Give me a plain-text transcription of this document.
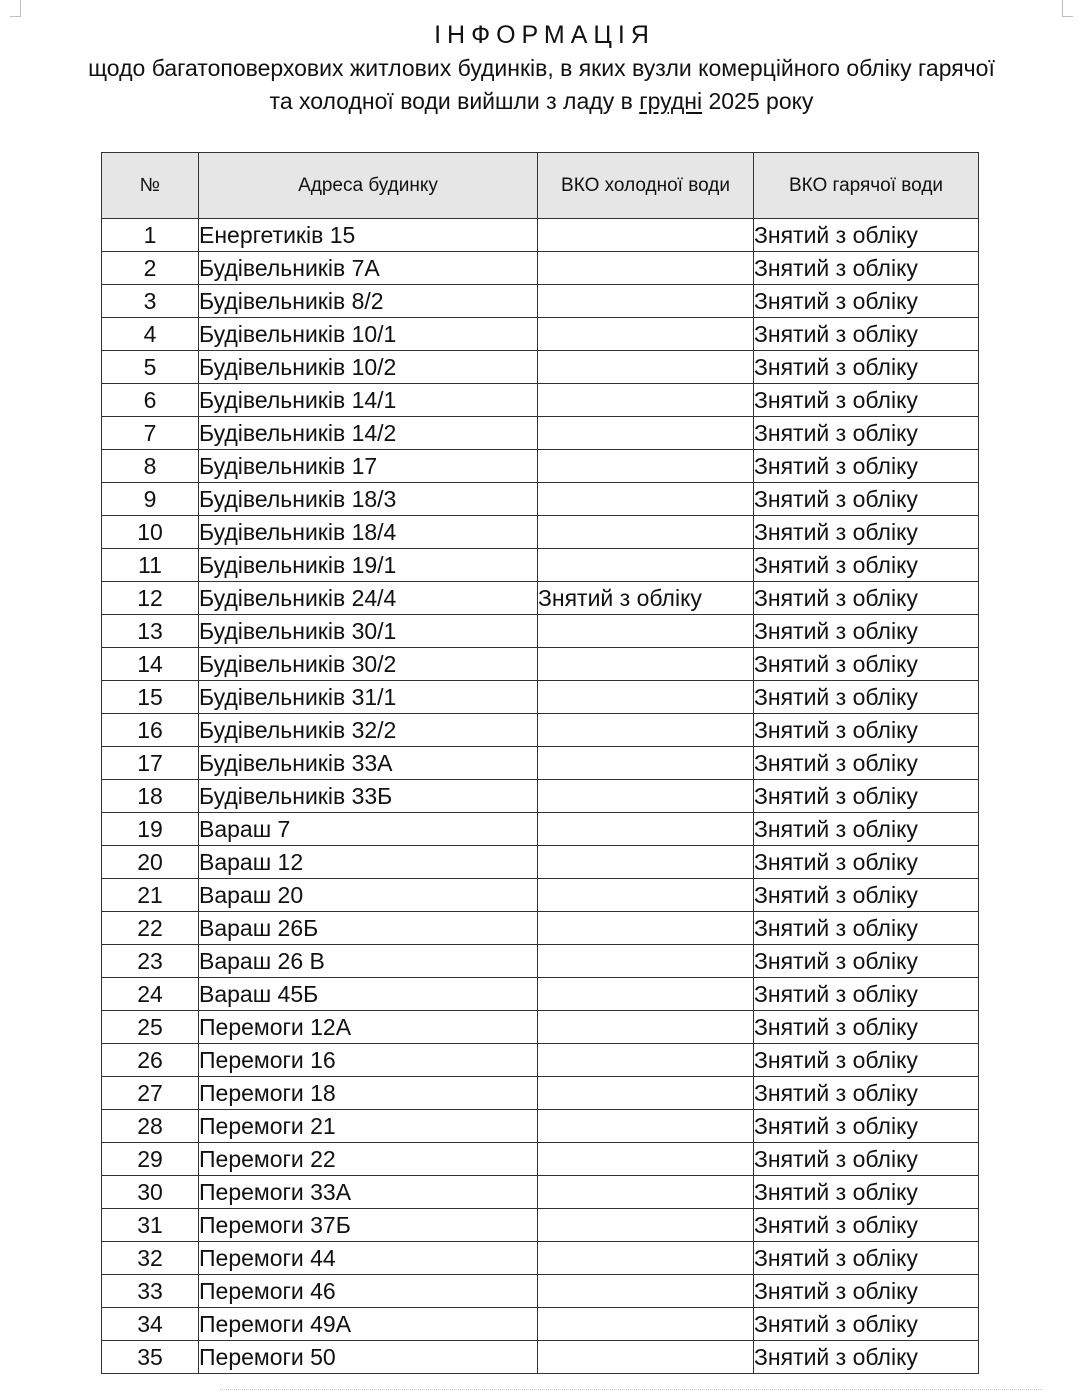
ІНФОРМАЦІЯ
щодо багатоповерхових житлових будинків, в яких вузли комерційного обліку гарячої
та холодної води вийшли з ладу в грудні 2025 року
№	Адреса будинку	ВКО холодної води	ВКО гарячої води
1	Енергетиків 15		Знятий з обліку
2	Будівельників 7А		Знятий з обліку
3	Будівельників 8/2		Знятий з обліку
4	Будівельників 10/1		Знятий з обліку
5	Будівельників 10/2		Знятий з обліку
6	Будівельників 14/1		Знятий з обліку
7	Будівельників 14/2		Знятий з обліку
8	Будівельників 17		Знятий з обліку
9	Будівельників 18/3		Знятий з обліку
10	Будівельників 18/4		Знятий з обліку
11	Будівельників 19/1		Знятий з обліку
12	Будівельників 24/4	Знятий з обліку	Знятий з обліку
13	Будівельників 30/1		Знятий з обліку
14	Будівельників 30/2		Знятий з обліку
15	Будівельників 31/1		Знятий з обліку
16	Будівельників 32/2		Знятий з обліку
17	Будівельників 33А		Знятий з обліку
18	Будівельників 33Б		Знятий з обліку
19	Вараш 7		Знятий з обліку
20	Вараш 12		Знятий з обліку
21	Вараш 20		Знятий з обліку
22	Вараш 26Б		Знятий з обліку
23	Вараш 26 В		Знятий з обліку
24	Вараш 45Б		Знятий з обліку
25	Перемоги 12А		Знятий з обліку
26	Перемоги 16		Знятий з обліку
27	Перемоги 18		Знятий з обліку
28	Перемоги 21		Знятий з обліку
29	Перемоги 22		Знятий з обліку
30	Перемоги 33А		Знятий з обліку
31	Перемоги 37Б		Знятий з обліку
32	Перемоги 44		Знятий з обліку
33	Перемоги 46		Знятий з обліку
34	Перемоги 49А		Знятий з обліку
35	Перемоги 50		Знятий з обліку
